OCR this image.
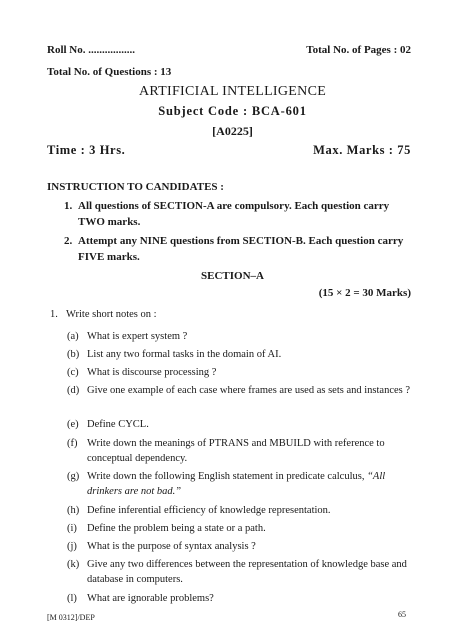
Roll No. .................	Total No. of Pages : 02
Total No. of Questions : 13
ARTIFICIAL INTELLIGENCE
Subject Code : BCA-601
[A0225]
Time : 3 Hrs.	Max. Marks : 75
INSTRUCTION TO CANDIDATES :
1. All questions of SECTION-A are compulsory. Each question carry TWO marks.
2. Attempt any NINE questions from SECTION-B. Each question carry FIVE marks.
SECTION–A
(15 × 2 = 30 Marks)
1. Write short notes on :
(a) What is expert system ?
(b) List any two formal tasks in the domain of AI.
(c) What is discourse processing ?
(d) Give one example of each case where frames are used as sets and instances ?
(e) Define CYCL.
(f) Write down the meanings of PTRANS and MBUILD with reference to conceptual dependency.
(g) Write down the following English statement in predicate calculus, “All drinkers are not bad.”
(h) Define inferential efficiency of knowledge representation.
(i) Define the problem being a state or a path.
(j) What is the purpose of syntax analysis ?
(k) Give any two differences between the representation of knowledge base and database in computers.
(l) What are ignorable problems?
[M 0312]/DEP	65
